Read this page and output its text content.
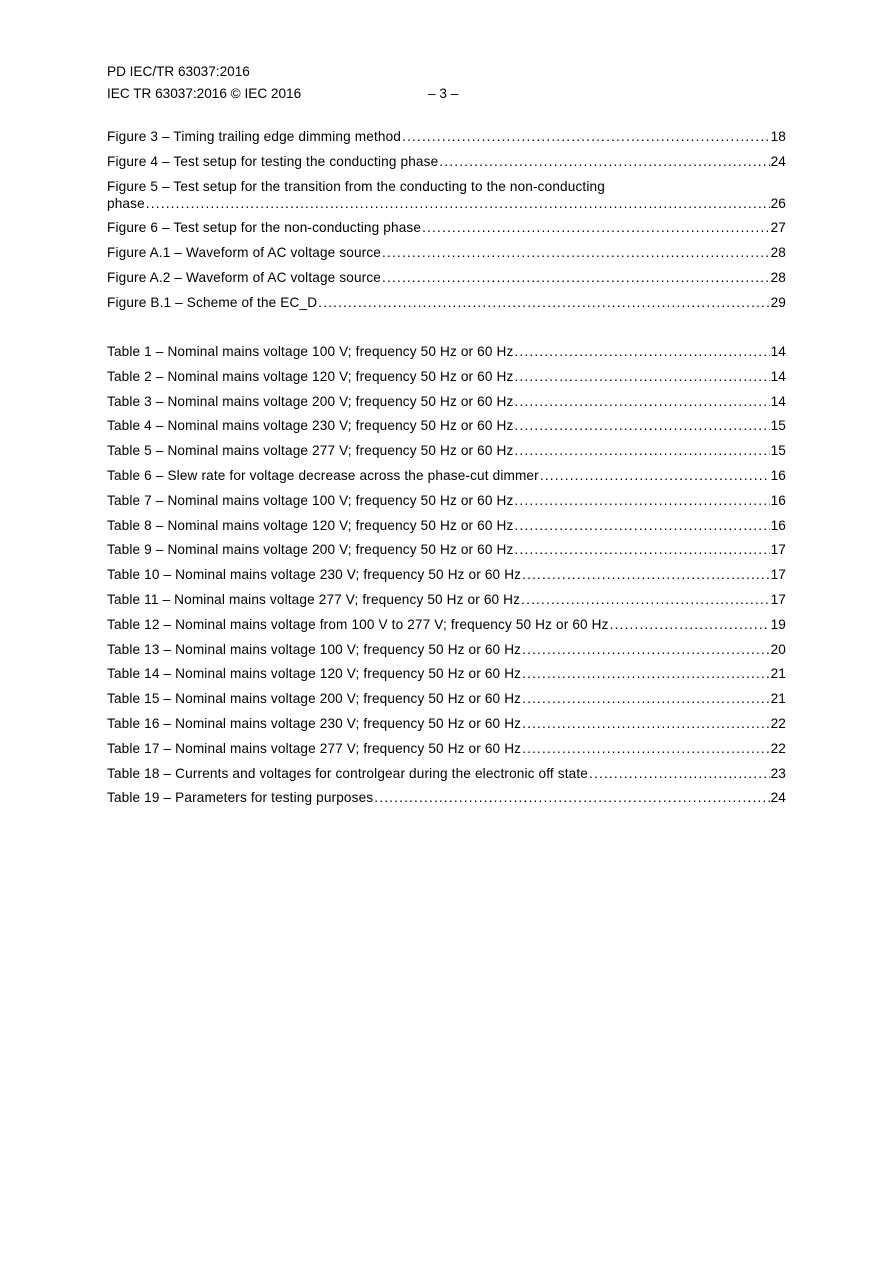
PD IEC/TR 63037:2016
IEC TR 63037:2016 © IEC 2016	– 3 –
Figure 3 – Timing trailing edge dimming method .....	18
Figure 4 – Test setup for testing the conducting phase .....	24
Figure 5 – Test setup for the transition from the conducting to the non-conducting
phase .....	26
Figure 6 – Test setup for the non-conducting phase .....	27
Figure A.1 – Waveform of AC voltage source .....	28
Figure A.2 – Waveform of AC voltage source .....	28
Figure B.1 – Scheme of the EC_D .....	29
Table 1 – Nominal mains voltage 100 V; frequency 50 Hz or 60 Hz .....	14
Table 2 – Nominal mains voltage 120 V; frequency 50 Hz or 60 Hz .....	14
Table 3 – Nominal mains voltage 200 V; frequency 50 Hz or 60 Hz .....	14
Table 4 – Nominal mains voltage 230 V; frequency 50 Hz or 60 Hz .....	15
Table 5 – Nominal mains voltage 277 V; frequency 50 Hz or 60 Hz .....	15
Table 6 – Slew rate for voltage decrease across the phase-cut dimmer .....	16
Table 7 – Nominal mains voltage 100 V; frequency 50 Hz or 60 Hz .....	16
Table 8 – Nominal mains voltage 120 V; frequency 50 Hz or 60 Hz .....	16
Table 9 – Nominal mains voltage 200 V; frequency 50 Hz or 60 Hz .....	17
Table 10 – Nominal mains voltage 230 V; frequency 50 Hz or 60 Hz .....	17
Table 11 – Nominal mains voltage 277 V; frequency 50 Hz or 60 Hz .....	17
Table 12 – Nominal mains voltage from 100 V to 277 V; frequency 50 Hz or 60 Hz .....	19
Table 13 – Nominal mains voltage 100 V; frequency 50 Hz or 60 Hz .....	20
Table 14 – Nominal mains voltage 120 V; frequency 50 Hz or 60 Hz .....	21
Table 15 – Nominal mains voltage 200 V; frequency 50 Hz or 60 Hz .....	21
Table 16 – Nominal mains voltage 230 V; frequency 50 Hz or 60 Hz .....	22
Table 17 – Nominal mains voltage 277 V; frequency 50 Hz or 60 Hz .....	22
Table 18 – Currents and voltages for controlgear during the electronic off state .....	23
Table 19 – Parameters for testing purposes .....	24
